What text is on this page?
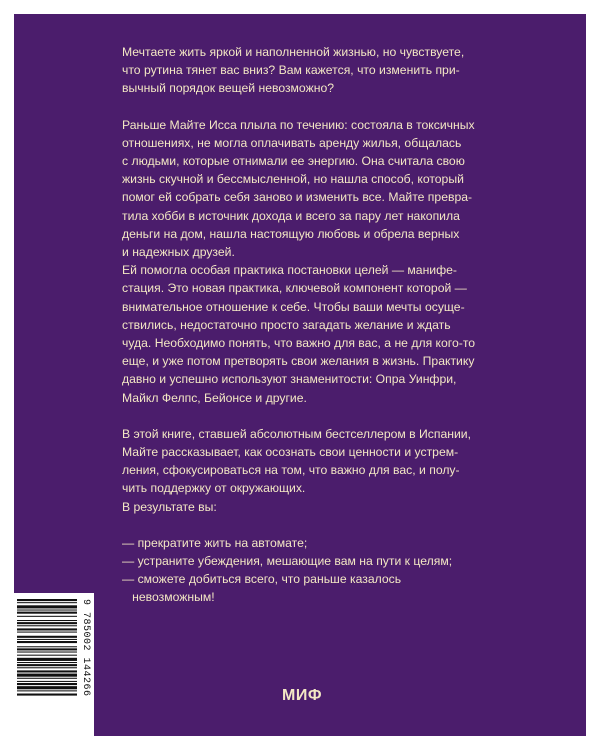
Мечтаете жить яркой и наполненной жизнью, но чувствуете,
что рутина тянет вас вниз? Вам кажется, что изменить при-
вычный порядок вещей невозможно?

Раньше Майте Исса плыла по течению: состояла в токсичных
отношениях, не могла оплачивать аренду жилья, общалась
с людьми, которые отнимали ее энергию. Она считала свою
жизнь скучной и бессмысленной, но нашла способ, который
помог ей собрать себя заново и изменить все. Майте превра-
тила хобби в источник дохода и всего за пару лет накопила
деньги на дом, нашла настоящую любовь и обрела верных
и надежных друзей.

Ей помогла особая практика постановки целей — манифе-
стация. Это новая практика, ключевой компонент которой —
внимательное отношение к себе. Чтобы ваши мечты осуще-
ствились, недостаточно просто загадать желание и ждать
чуда. Необходимо понять, что важно для вас, а не для кого-то
еще, и уже потом претворять свои желания в жизнь. Практику
давно и успешно используют знаменитости: Опра Уинфри,
Майкл Фелпс, Бейонсе и другие.

В этой книге, ставшей абсолютным бестселлером в Испании,
Майте рассказывает, как осознать свои ценности и устрем-
ления, сфокусироваться на том, что важно для вас, и полу-
чить поддержку от окружающих.

В результате вы:

— прекратите жить на автомате;
— устраните убеждения, мешающие вам на пути к целям;
— сможете добиться всего, что раньше казалось
невозможным!
9 785002 144266	МИФ
